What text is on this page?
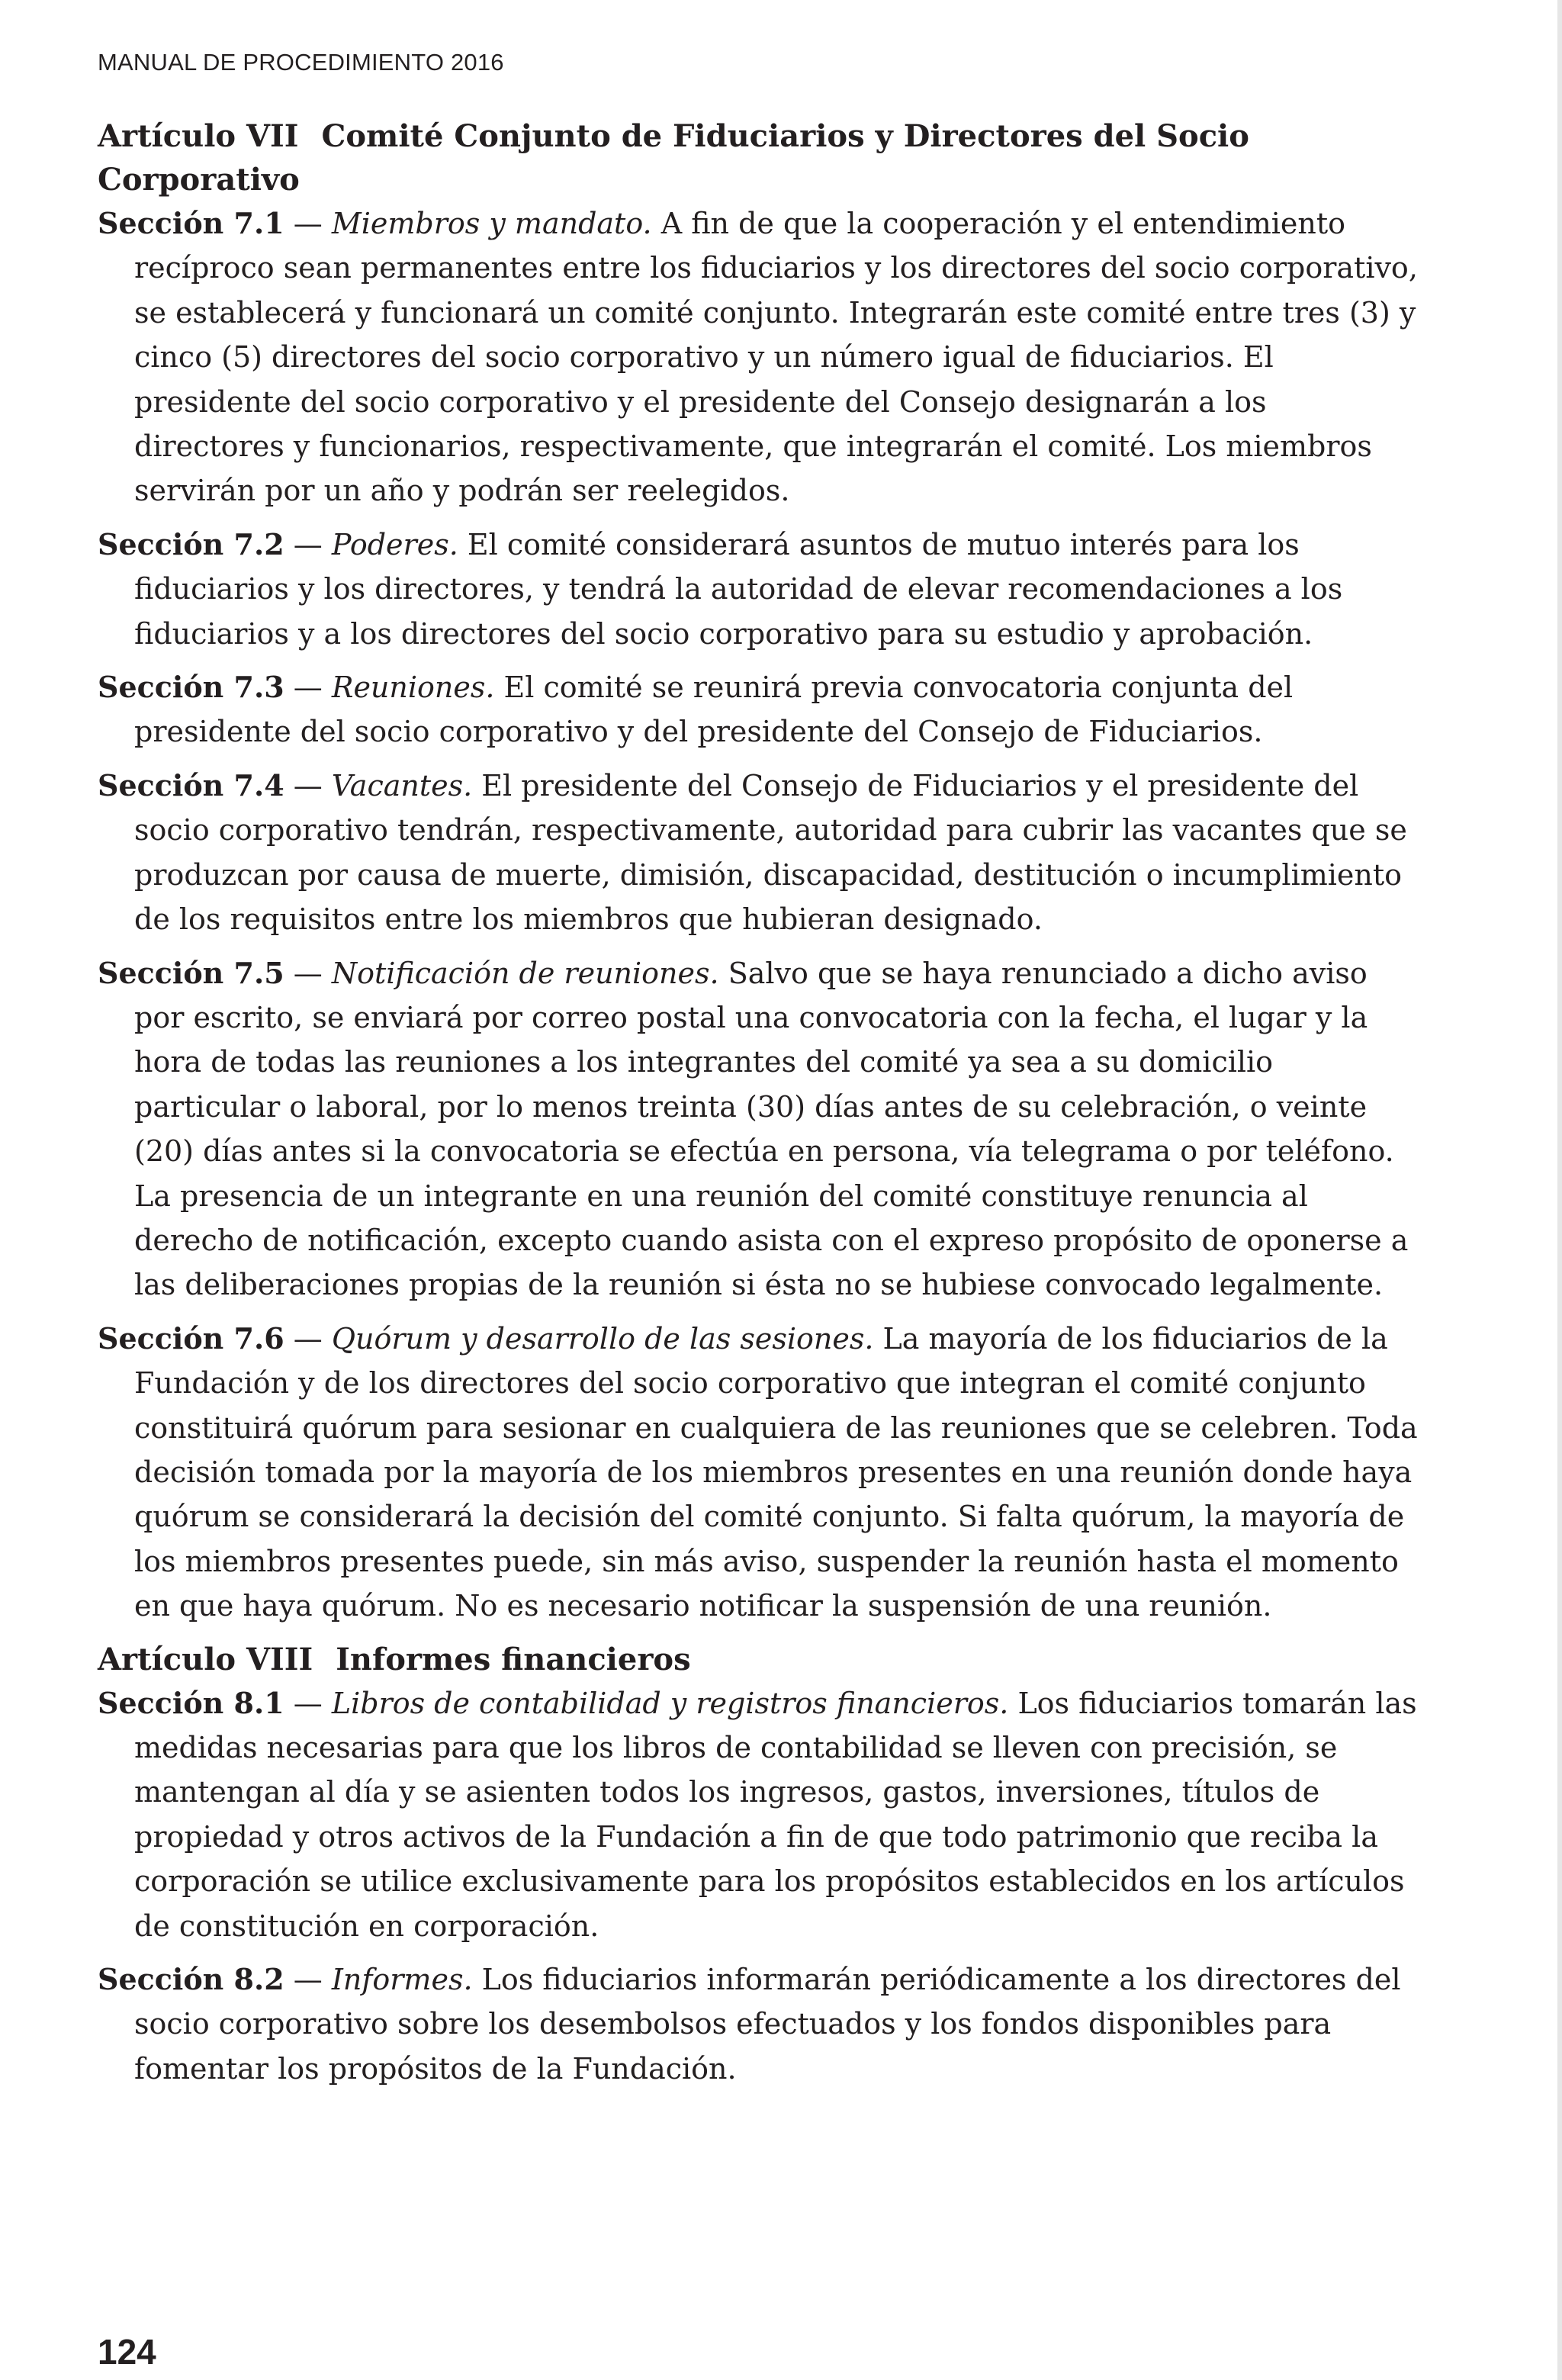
MANUAL DE PROCEDIMIENTO 2016
Artículo VII Comité Conjunto de Fiduciarios y Directores del Socio Corporativo

Sección 7.1 — Miembros y mandato. A fin de que la cooperación y el entendimiento recíproco sean permanentes entre los fiduciarios y los directores del socio corporativo, se establecerá y funcionará un comité conjunto. Integrarán este comité entre tres (3) y cinco (5) directores del socio corporativo y un número igual de fiduciarios. El presidente del socio corporativo y el presidente del Consejo designarán a los directores y funcionarios, respectivamente, que integrarán el comité. Los miembros servirán por un año y podrán ser reelegidos.

Sección 7.2 — Poderes. El comité considerará asuntos de mutuo interés para los fiduciarios y los directores, y tendrá la autoridad de elevar recomendaciones a los fiduciarios y a los directores del socio corporativo para su estudio y aprobación.

Sección 7.3 — Reuniones. El comité se reunirá previa convocatoria conjunta del presidente del socio corporativo y del presidente del Consejo de Fiduciarios.

Sección 7.4 — Vacantes. El presidente del Consejo de Fiduciarios y el presidente del socio corporativo tendrán, respectivamente, autoridad para cubrir las vacantes que se produzcan por causa de muerte, dimisión, discapacidad, destitución o incumplimiento de los requisitos entre los miembros que hubieran designado.

Sección 7.5 — Notificación de reuniones. Salvo que se haya renunciado a dicho aviso por escrito, se enviará por correo postal una convocatoria con la fecha, el lugar y la hora de todas las reuniones a los integrantes del comité ya sea a su domicilio particular o laboral, por lo menos treinta (30) días antes de su celebración, o veinte (20) días antes si la convocatoria se efectúa en persona, vía telegrama o por teléfono. La presencia de un integrante en una reunión del comité constituye renuncia al derecho de notificación, excepto cuando asista con el expreso propósito de oponerse a las deliberaciones propias de la reunión si ésta no se hubiese convocado legalmente.

Sección 7.6 — Quórum y desarrollo de las sesiones. La mayoría de los fiduciarios de la Fundación y de los directores del socio corporativo que integran el comité conjunto constituirá quórum para sesionar en cualquiera de las reuniones que se celebren. Toda decisión tomada por la mayoría de los miembros presentes en una reunión donde haya quórum se considerará la decisión del comité conjunto. Si falta quórum, la mayoría de los miembros presentes puede, sin más aviso, suspender la reunión hasta el momento en que haya quórum. No es necesario notificar la suspensión de una reunión.

Artículo VIII Informes financieros

Sección 8.1 — Libros de contabilidad y registros financieros. Los fiduciarios tomarán las medidas necesarias para que los libros de contabilidad se lleven con precisión, se mantengan al día y se asienten todos los ingresos, gastos, inversiones, títulos de propiedad y otros activos de la Fundación a fin de que todo patrimonio que reciba la corporación se utilice exclusivamente para los propósitos establecidos en los artículos de constitución en corporación.

Sección 8.2 — Informes. Los fiduciarios informarán periódicamente a los directores del socio corporativo sobre los desembolsos efectuados y los fondos disponibles para fomentar los propósitos de la Fundación.

124
